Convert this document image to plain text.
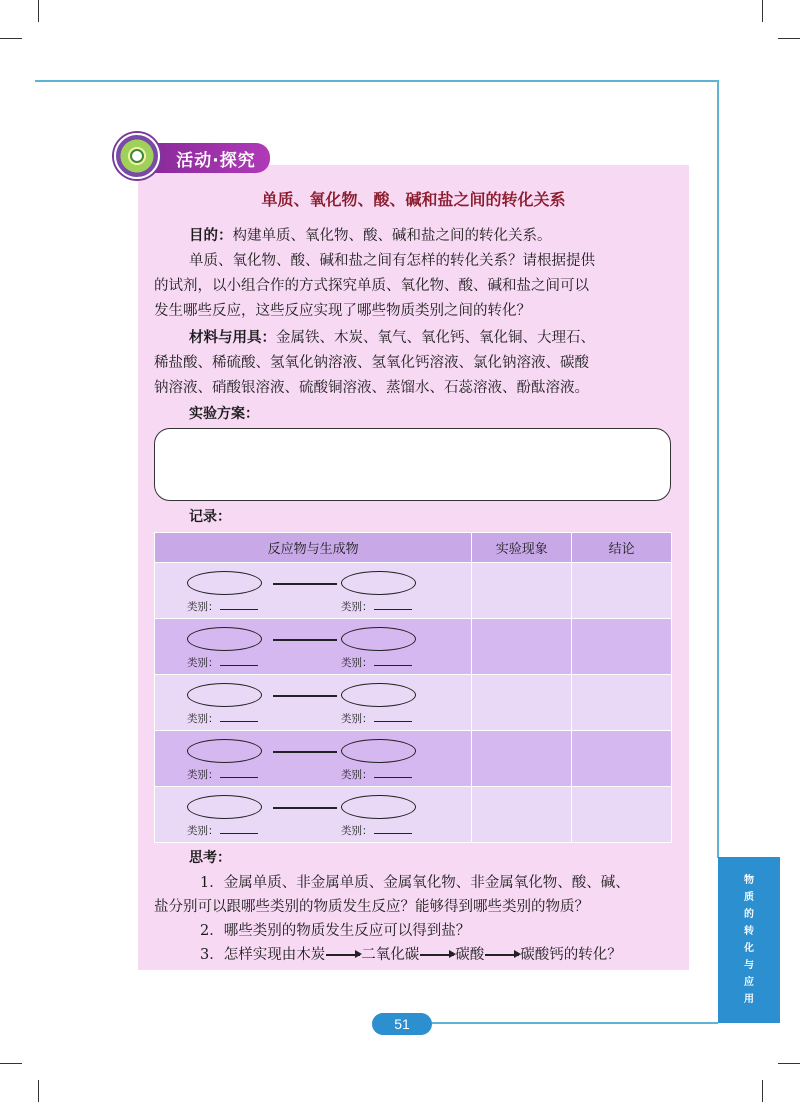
活动·探究
单质、氧化物、酸、碱和盐之间的转化关系
目的：构建单质、氧化物、酸、碱和盐之间的转化关系。
单质、氧化物、酸、碱和盐之间有怎样的转化关系？请根据提供
的试剂，以小组合作的方式探究单质、氧化物、酸、碱和盐之间可以
发生哪些反应，这些反应实现了哪些物质类别之间的转化？
材料与用具：金属铁、木炭、氧气、氧化钙、氧化铜、大理石、
稀盐酸、稀硫酸、氢氧化钠溶液、氢氧化钙溶液、氯化钠溶液、碳酸
钠溶液、硝酸银溶液、硫酸铜溶液、蒸馏水、石蕊溶液、酚酞溶液。
实验方案：
记录：
反应物与生成物	实验现象	结论

类别： 类别：		

类别： 类别：		

类别： 类别：		

类别： 类别：		

类别： 类别：		

思考：
1．金属单质、非金属单质、金属氧化物、非金属氧化物、酸、碱、
盐分别可以跟哪些类别的物质发生反应？能够得到哪些类别的物质？
2．哪些类别的物质发生反应可以得到盐？
3．怎样实现由木炭 二氧化碳 碳酸 碳酸钙的转化？
物
质
的
转
化
与
应
用
51
